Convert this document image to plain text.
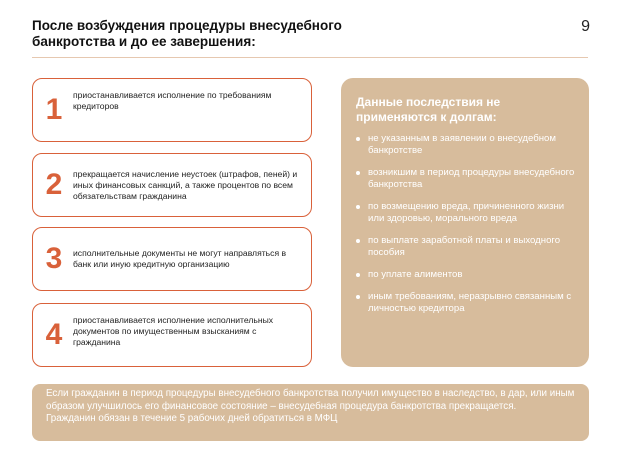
После возбуждения процедуры внесудебного банкротства и до ее завершения:
9
1	приостанавливается исполнение по требованиям кредиторов
2	прекращается начисление неустоек (штрафов, пеней) и иных финансовых санкций, а также процентов по всем обязательствам гражданина
3	исполнительные документы не могут направляться в банк или иную кредитную организацию
4	приостанавливается исполнение исполнительных документов по имущественным взысканиям с гражданина
Данные последствия не применяются к долгам:
не указанным в заявлении о внесудебном банкротстве
возникшим в период процедуры внесудебного банкротства
по возмещению вреда, причиненного жизни или здоровью, морального вреда
по выплате заработной платы и выходного пособия
по уплате алиментов
иным требованиям, неразрывно связанным с личностью кредитора
Если гражданин в период процедуры внесудебного банкротства получил имущество в наследство, в дар, или иным образом улучшилось его финансовое состояние – внесудебная процедура банкротства прекращается.
Гражданин обязан в течение 5 рабочих дней обратиться в МФЦ
